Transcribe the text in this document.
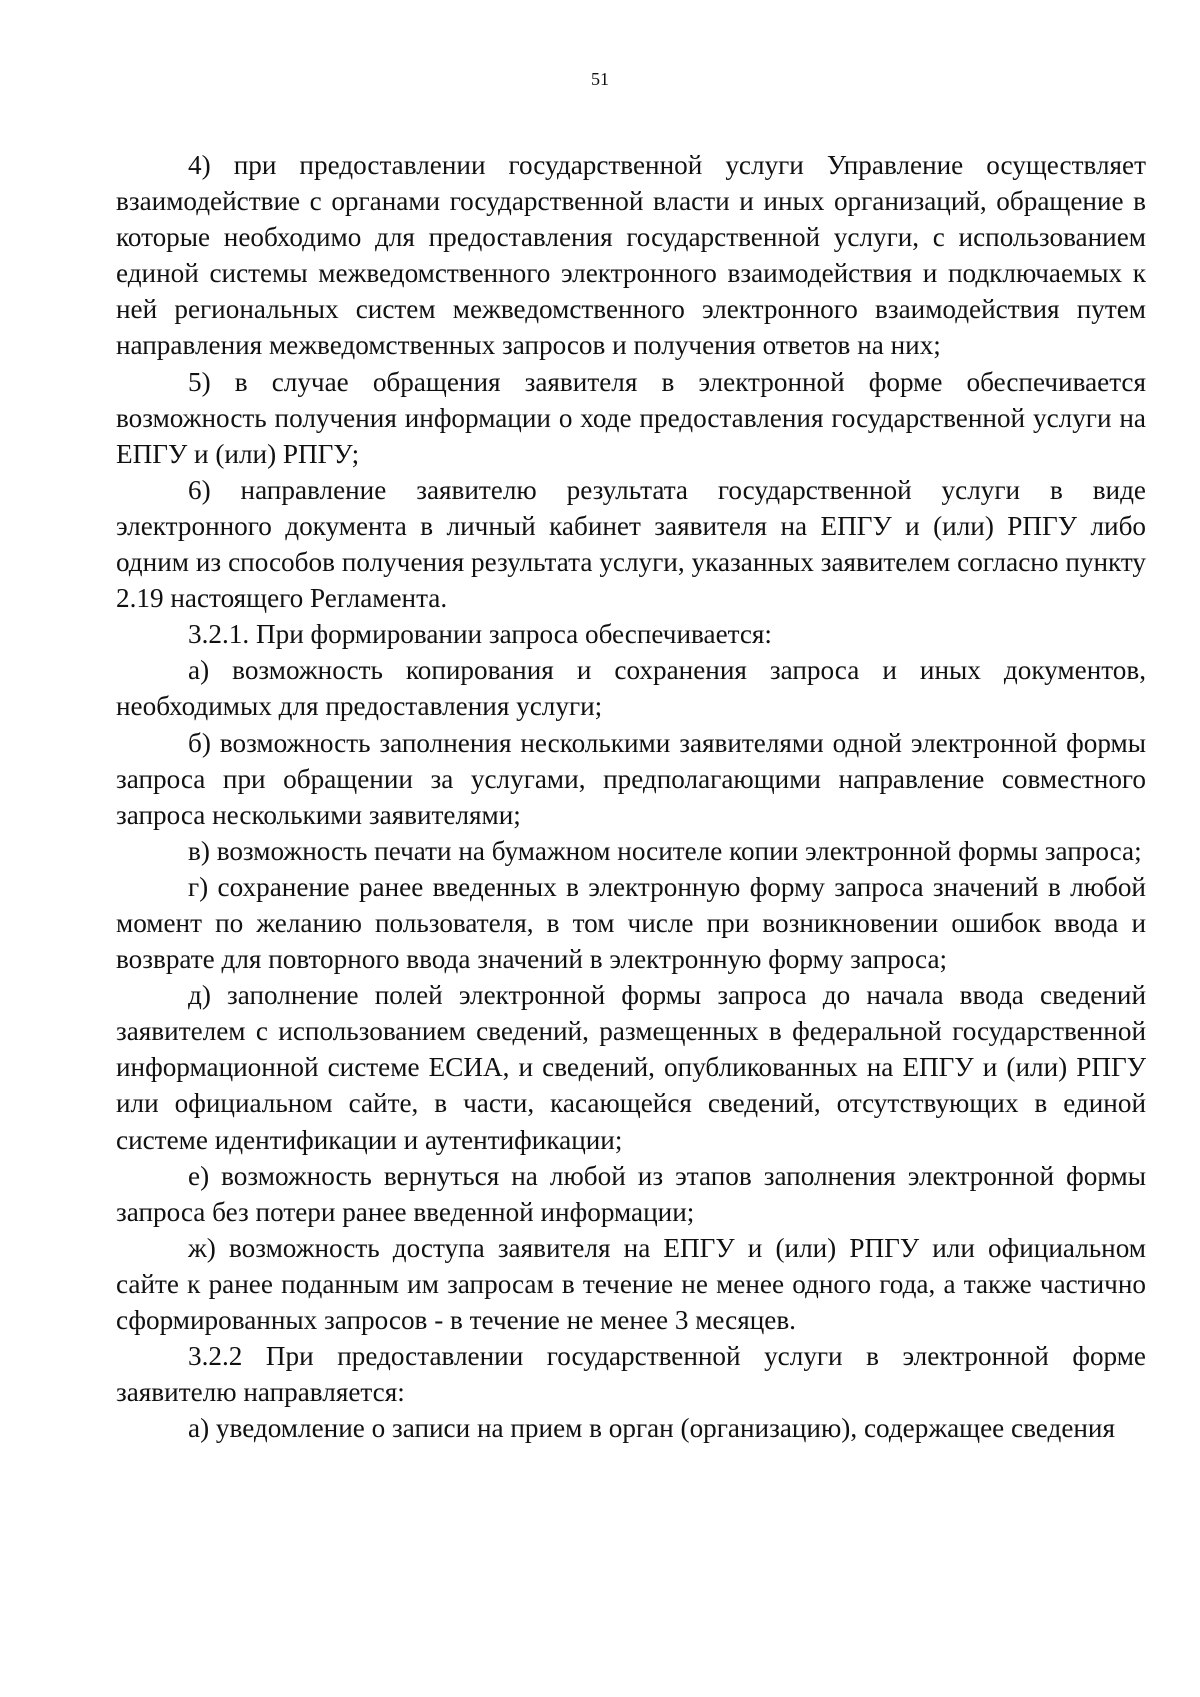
51

4) при предоставлении государственной услуги Управление осуществляет взаимодействие с органами государственной власти и иных организаций, обращение в которые необходимо для предоставления государственной услуги, с использованием единой системы межведомственного электронного взаимодействия и подключаемых к ней региональных систем межведомственного электронного взаимодействия путем направления межведомственных запросов и получения ответов на них;

5) в случае обращения заявителя в электронной форме обеспечивается возможность получения информации о ходе предоставления государственной услуги на ЕПГУ и (или) РПГУ;

6) направление заявителю результата государственной услуги в виде электронного документа в личный кабинет заявителя на ЕПГУ и (или) РПГУ либо одним из способов получения результата услуги, указанных заявителем согласно пункту 2.19 настоящего Регламента.

3.2.1. При формировании запроса обеспечивается:

а) возможность копирования и сохранения запроса и иных документов, необходимых для предоставления услуги;

б) возможность заполнения несколькими заявителями одной электронной формы запроса при обращении за услугами, предполагающими направление совместного запроса несколькими заявителями;

в) возможность печати на бумажном носителе копии электронной формы запроса;

г) сохранение ранее введенных в электронную форму запроса значений в любой момент по желанию пользователя, в том числе при возникновении ошибок ввода и возврате для повторного ввода значений в электронную форму запроса;

д) заполнение полей электронной формы запроса до начала ввода сведений заявителем с использованием сведений, размещенных в федеральной государственной информационной системе ЕСИА, и сведений, опубликованных на ЕПГУ и (или) РПГУ или официальном сайте, в части, касающейся сведений, отсутствующих в единой системе идентификации и аутентификации;

е) возможность вернуться на любой из этапов заполнения электронной формы запроса без потери ранее введенной информации;

ж) возможность доступа заявителя на ЕПГУ и (или) РПГУ или официальном сайте к ранее поданным им запросам в течение не менее одного года, а также частично сформированных запросов - в течение не менее 3 месяцев.

3.2.2 При предоставлении государственной услуги в электронной форме заявителю направляется:

а) уведомление о записи на прием в орган (организацию), содержащее сведения
